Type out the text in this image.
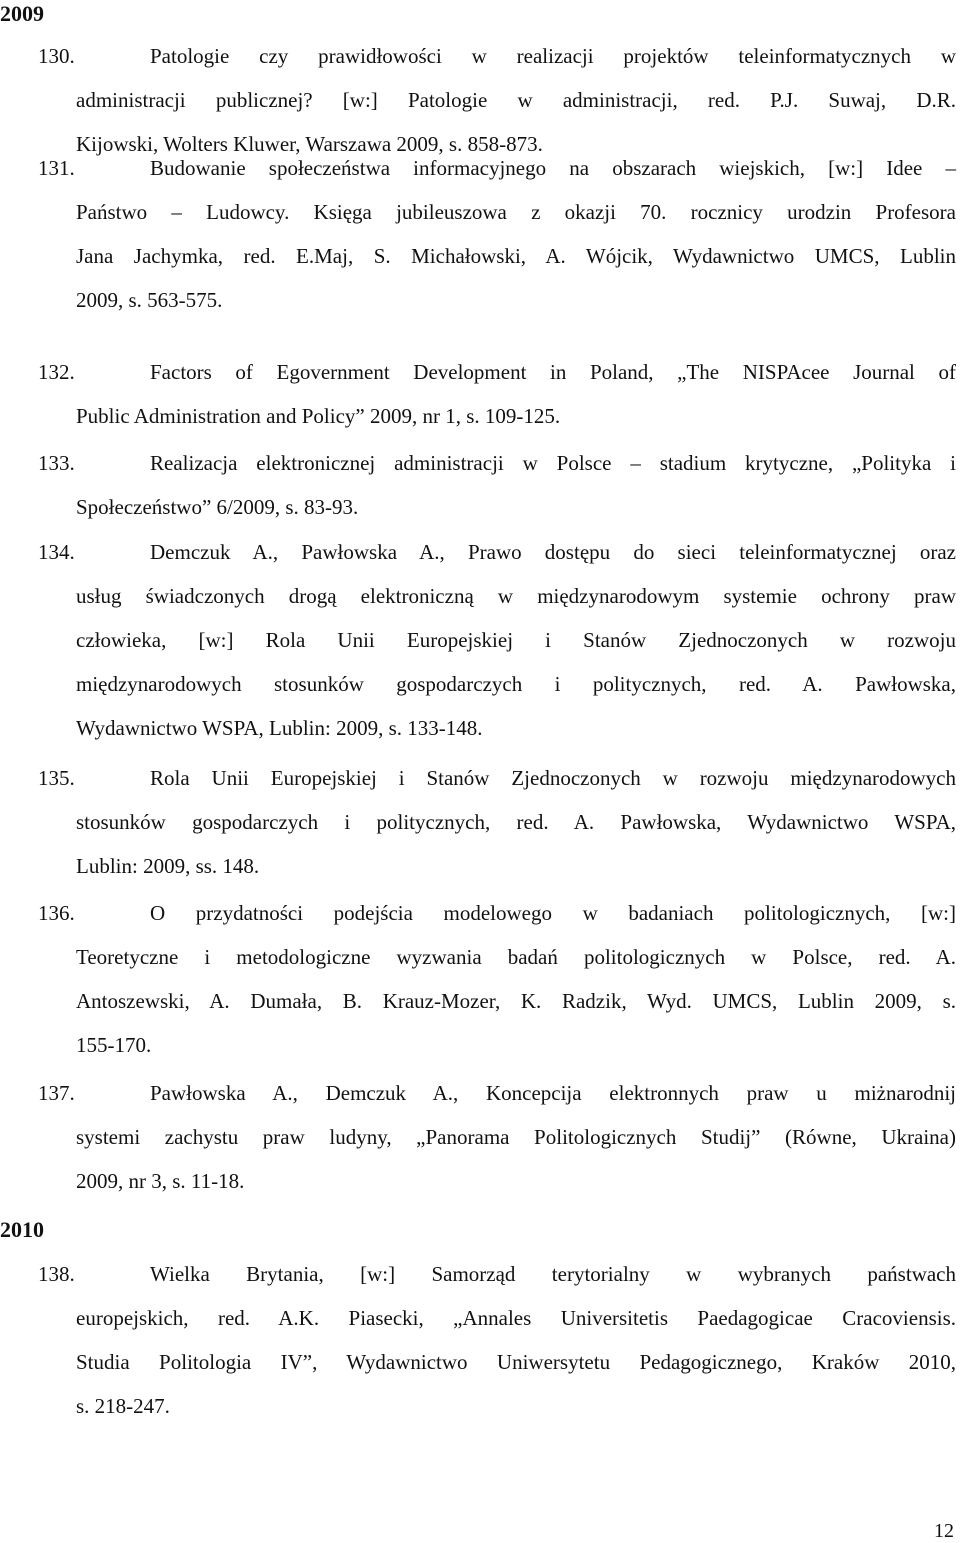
2009
130.	Patologie czy prawidłowości w realizacji projektów teleinformatycznych w
administracji publicznej? [w:] Patologie w administracji, red. P.J. Suwaj, D.R.
Kijowski, Wolters Kluwer, Warszawa 2009, s. 858-873.
131.	Budowanie społeczeństwa informacyjnego na obszarach wiejskich, [w:] Idee –
Państwo – Ludowcy. Księga jubileuszowa z okazji 70. rocznicy urodzin Profesora
Jana Jachymka, red. E.Maj, S. Michałowski, A. Wójcik, Wydawnictwo UMCS, Lublin
2009, s. 563-575.
132.	Factors of Egovernment Development in Poland, „The NISPAcee Journal of
Public Administration and Policy” 2009, nr 1, s. 109-125.
133.	Realizacja elektronicznej administracji w Polsce – stadium krytyczne, „Polityka i
Społeczeństwo” 6/2009, s. 83-93.
134.	Demczuk A., Pawłowska A., Prawo dostępu do sieci teleinformatycznej oraz
usług świadczonych drogą elektroniczną w międzynarodowym systemie ochrony praw
człowieka, [w:] Rola Unii Europejskiej i Stanów Zjednoczonych w rozwoju
międzynarodowych stosunków gospodarczych i politycznych, red. A. Pawłowska,
Wydawnictwo WSPA, Lublin: 2009, s. 133-148.
135.	Rola Unii Europejskiej i Stanów Zjednoczonych w rozwoju międzynarodowych
stosunków gospodarczych i politycznych, red. A. Pawłowska, Wydawnictwo WSPA,
Lublin: 2009, ss. 148.
136.	O przydatności podejścia modelowego w badaniach politologicznych, [w:]
Teoretyczne i metodologiczne wyzwania badań politologicznych w Polsce, red. A.
Antoszewski, A. Dumała, B. Krauz-Mozer, K. Radzik, Wyd. UMCS, Lublin 2009, s.
155-170.
137.	Pawłowska A., Demczuk A., Koncepcija elektronnych praw u miżnarodnij
systemi zachystu praw ludyny, „Panorama Politologicznych Studij” (Równe, Ukraina)
2009, nr 3, s. 11-18.
2010
138.	Wielka Brytania, [w:] Samorząd terytorialny w wybranych państwach
europejskich, red. A.K. Piasecki, „Annales Universitetis Paedagogicae Cracoviensis.
Studia Politologia IV”, Wydawnictwo Uniwersytetu Pedagogicznego, Kraków 2010,
s. 218-247.
12
